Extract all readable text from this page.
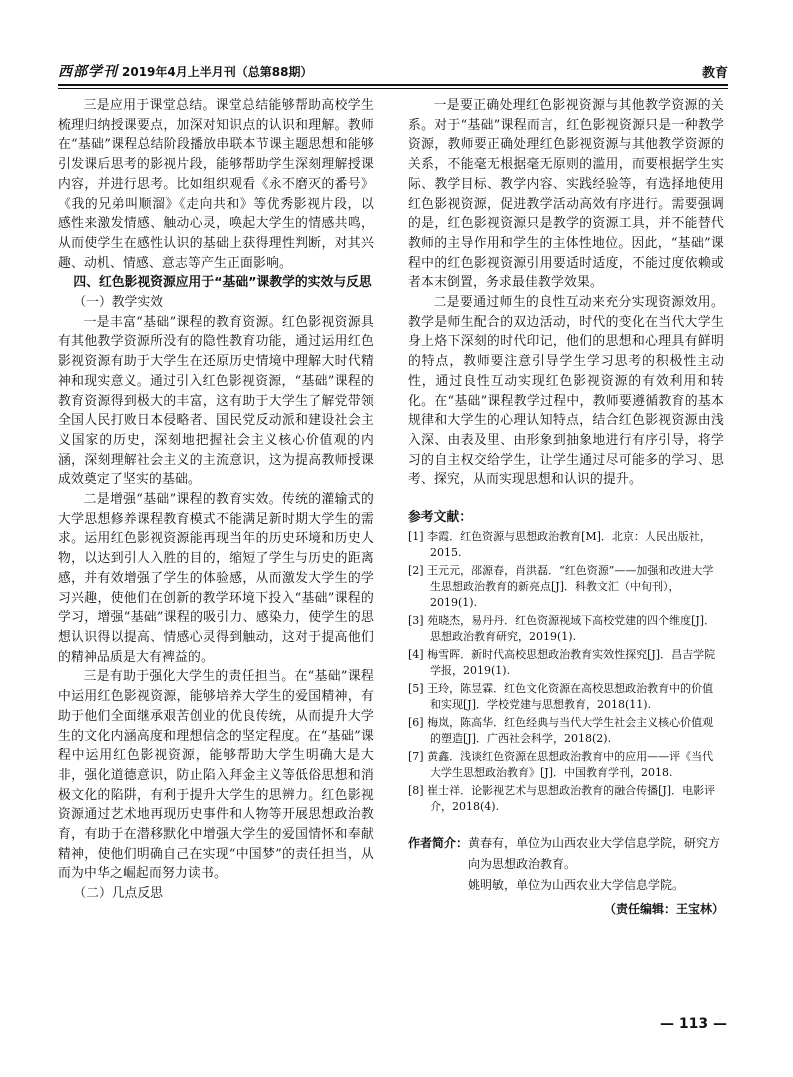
西部学刊 2019年4月上半月刊（总第88期）	教育
◇

三是应用于课堂总结。课堂总结能够帮助高校学生梳理归纳授课要点，加深对知识点的认识和理解。教师在“基础”课程总结阶段播放串联本节课主题思想和能够引发课后思考的影视片段，能够帮助学生深刻理解授课内容，并进行思考。比如组织观看《永不磨灭的番号》《我的兄弟叫顺溜》《走向共和》等优秀影视片段，以感性来激发情感、触动心灵，唤起大学生的情感共鸣，从而使学生在感性认识的基础上获得理性判断，对其兴趣、动机、情感、意志等产生正面影响。

四、红色影视资源应用于“基础”课教学的实效与反思
（一）教学实效

一是丰富“基础”课程的教育资源。红色影视资源具有其他教学资源所没有的隐性教育功能，通过运用红色影视资源有助于大学生在还原历史情境中理解大时代精神和现实意义。通过引入红色影视资源，“基础”课程的教育资源得到极大的丰富，这有助于大学生了解党带领全国人民打败日本侵略者、国民党反动派和建设社会主义国家的历史，深刻地把握社会主义核心价值观的内涵，深刻理解社会主义的主流意识，这为提高教师授课成效奠定了坚实的基础。

二是增强“基础”课程的教育实效。传统的灌输式的大学思想修养课程教育模式不能满足新时期大学生的需求。运用红色影视资源能再现当年的历史环境和历史人物，以达到引人入胜的目的，缩短了学生与历史的距离感，并有效增强了学生的体验感，从而激发大学生的学习兴趣，使他们在创新的教学环境下投入“基础”课程的学习，增强“基础”课程的吸引力、感染力，使学生的思想认识得以提高、情感心灵得到触动，这对于提高他们的精神品质是大有裨益的。

三是有助于强化大学生的责任担当。在“基础”课程中运用红色影视资源，能够培养大学生的爱国精神，有助于他们全面继承艰苦创业的优良传统，从而提升大学生的文化内涵高度和理想信念的坚定程度。在“基础”课程中运用红色影视资源，能够帮助大学生明确大是大非，强化道德意识，防止陷入拜金主义等低俗思想和消极文化的陷阱，有利于提升大学生的思辨力。红色影视资源通过艺术地再现历史事件和人物等开展思想政治教育，有助于在潜移默化中增强大学生的爱国情怀和奉献精神，使他们明确自己在实现“中国梦”的责任担当，从而为中华之崛起而努力读书。

（二）几点反思

一是要正确处理红色影视资源与其他教学资源的关系。对于“基础”课程而言，红色影视资源只是一种教学资源，教师要正确处理红色影视资源与其他教学资源的关系，不能毫无根据毫无原则的滥用，而要根据学生实际、教学目标、教学内容、实践经验等，有选择地使用红色影视资源，促进教学活动高效有序进行。需要强调的是，红色影视资源只是教学的资源工具，并不能替代教师的主导作用和学生的主体性地位。因此，“基础”课程中的红色影视资源引用要适时适度，不能过度依赖或者本末倒置，务求最佳教学效果。

二是要通过师生的良性互动来充分实现资源效用。教学是师生配合的双边活动，时代的变化在当代大学生身上烙下深刻的时代印记，他们的思想和心理具有鲜明的特点，教师要注意引导学生学习思考的积极性主动性，通过良性互动实现红色影视资源的有效利用和转化。在“基础”课程教学过程中，教师要遵循教育的基本规律和大学生的心理认知特点，结合红色影视资源由浅入深、由表及里、由形象到抽象地进行有序引导，将学习的自主权交给学生，让学生通过尽可能多的学习、思考、探究，从而实现思想和认识的提升。

参考文献：
[1] 李霞．红色资源与思想政治教育[M]．北京：人民出版社，2015.
[2] 王元元，邵源春，肖洪磊．“红色资源”——加强和改进大学生思想政治教育的新亮点[J]．科教文汇（中旬刊），2019(1).
[3] 苑晓杰，易丹丹．红色资源视域下高校党建的四个维度[J]．思想政治教育研究，2019(1).
[4] 梅雪晖．新时代高校思想政治教育实效性探究[J]．昌吉学院学报，2019(1).
[5] 王玲，陈昱霖．红色文化资源在高校思想政治教育中的价值和实现[J]．学校党建与思想教育，2018(11).
[6] 梅岚，陈高华．红色经典与当代大学生社会主义核心价值观的塑造[J]．广西社会科学，2018(2).
[7] 黄鑫．浅谈红色资源在思想政治教育中的应用——评《当代大学生思想政治教育》[J]．中国教育学刊，2018.
[8] 崔士祥．论影视艺术与思想政治教育的融合传播[J]．电影评介，2018(4).
作者简介： 黄春有，单位为山西农业大学信息学院，研究方向为思想政治教育。
姚明敏，单位为山西农业大学信息学院。
（责任编辑：王宝林）
— 113 —
